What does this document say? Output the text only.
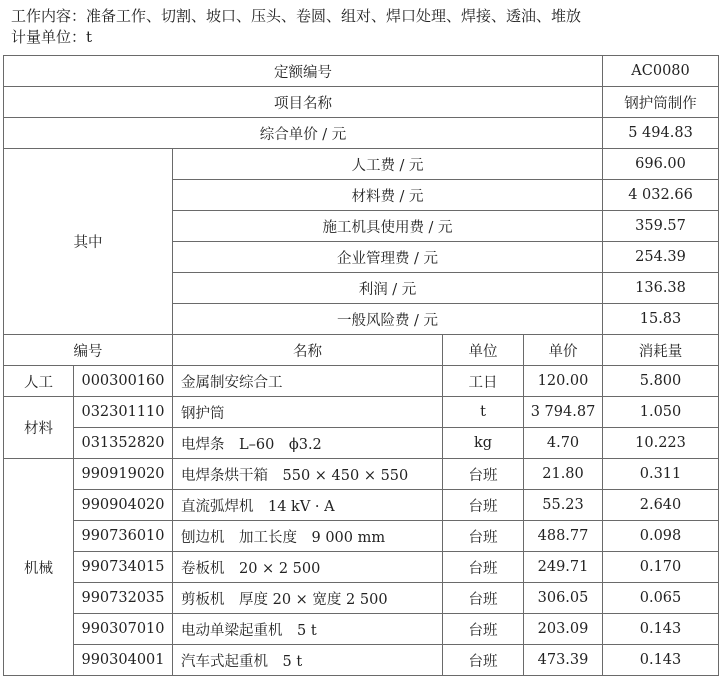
工作内容：准备工作、切割、坡口、压头、卷圆、组对、焊口处理、焊接、透油、堆放
计量单位：t
定额编号					AC0080
项目名称					钢护筒制作
综合单价 / 元					5 494.83
其中		人工费 / 元			696.00
		材料费 / 元			4 032.66
		施工机具使用费 / 元			359.57
		企业管理费 / 元			254.39
		利润 / 元			136.38
		一般风险费 / 元			15.83
编号		名称	单位	单价	消耗量
人工	000300160	金属制安综合工	工日	120.00	5.800
材料	032301110	钢护筒	t	3 794.87	1.050
	031352820	电焊条　L–60　ϕ3.2	kg	4.70	10.223
机械	990919020	电焊条烘干箱　550 × 450 × 550	台班	21.80	0.311
	990904020	直流弧焊机　14 kV · A	台班	55.23	2.640
	990736010	刨边机　加工长度　9 000 mm	台班	488.77	0.098
	990734015	卷板机　20 × 2 500	台班	249.71	0.170
	990732035	剪板机　厚度 20 × 宽度 2 500	台班	306.05	0.065
	990307010	电动单梁起重机　5 t	台班	203.09	0.143
	990304001	汽车式起重机　5 t	台班	473.39	0.143
